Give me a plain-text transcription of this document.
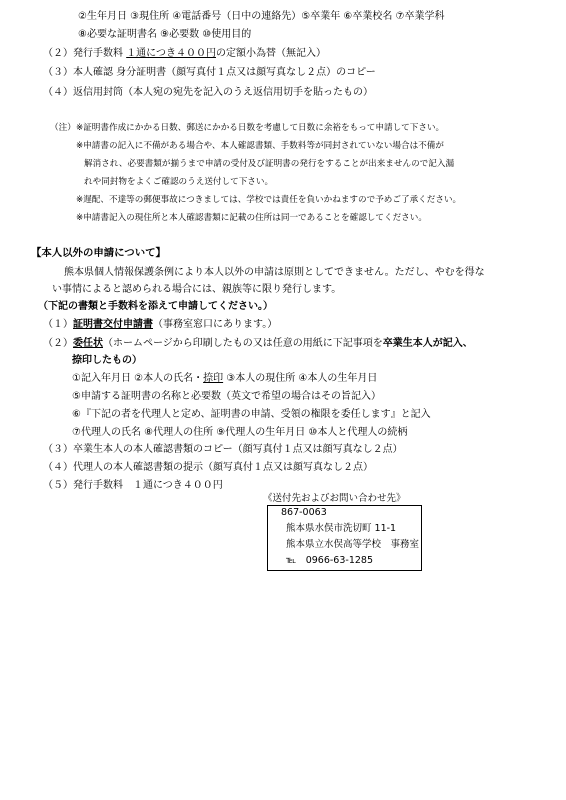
②生年月日 ③現住所 ④電話番号（日中の連絡先）⑤卒業年 ⑥卒業校名 ⑦卒業学科
⑧必要な証明書名 ⑨必要数 ⑩使用目的
（２）発行手数料 １通につき４００円の定額小為替（無記入）
（３）本人確認 身分証明書（顔写真付１点又は顔写真なし２点）のコピー
（４）返信用封筒（本人宛の宛先を記入のうえ返信用切手を貼ったもの）
（注） ※証明書作成にかかる日数、郵送にかかる日数を考慮して日数に余裕をもって申請して下さい。
※申請書の記入に不備がある場合や、本人確認書類、手数料等が同封されていない場合は不備が
解消され、必要書類が揃うまで申請の受付及び証明書の発行をすることが出来ませんので記入漏
れや同封物をよくご確認のうえ送付して下さい。
※遅配、不達等の郵便事故につきましては、学校では責任を負いかねますので予めご了承ください。
※申請書記入の現住所と本人確認書類に記載の住所は同一であることを確認してください。
【本人以外の申請について】
熊本県個人情報保護条例により本人以外の申請は原則としてできません。ただし、やむを得な
い事情によると認められる場合には、親族等に限り発行します。
（下記の書類と手数料を添えて申請してください。）
（１）証明書交付申請書（事務室窓口にあります。）
（２）委任状（ホームページから印刷したもの又は任意の用紙に下記事項を卒業生本人が記入、
捺印したもの）
①記入年月日 ②本人の氏名・捺印 ③本人の現住所 ④本人の生年月日
⑤申請する証明書の名称と必要数（英文で希望の場合はその旨記入）
⑥『下記の者を代理人と定め、証明書の申請、受領の権限を委任します』と記入
⑦代理人の氏名 ⑧代理人の住所 ⑨代理人の生年月日 ⑩本人と代理人の続柄
（３）卒業生本人の本人確認書類のコピー（顔写真付１点又は顔写真なし２点）
（４）代理人の本人確認書類の提示（顔写真付１点又は顔写真なし２点）
（５）発行手数料　１通につき４００円
《送付先およびお問い合わせ先》
867-0063
熊本県水俣市洗切町 11-1
熊本県立水俣高等学校　事務室
℡　0966-63-1285
